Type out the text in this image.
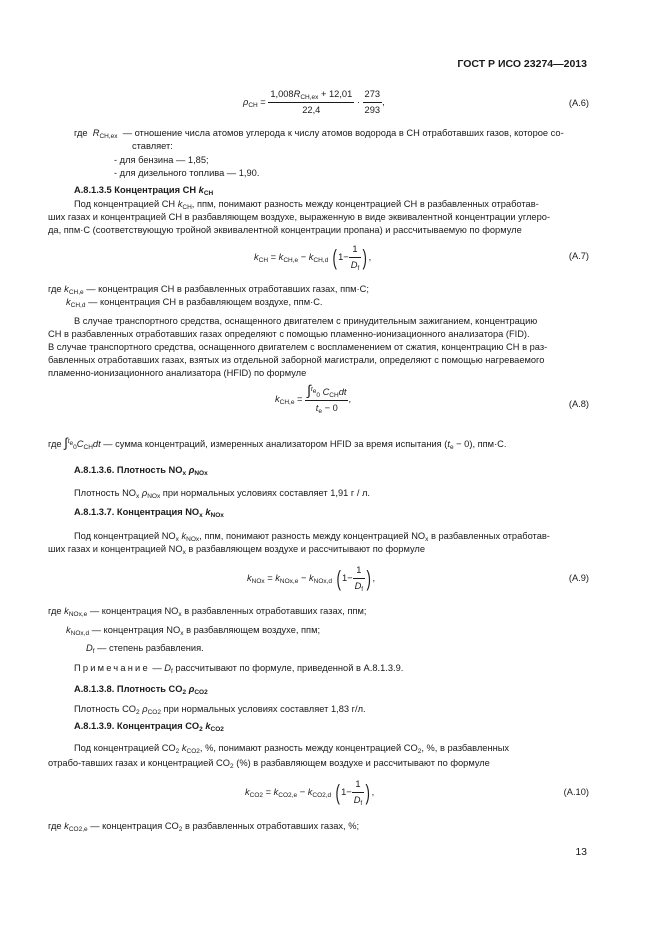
ГОСТ Р ИСО 23274—2013
$\rho_{CH} = \frac{1,008R_{CH,ex} + 12,01}{22,4} \cdot \frac{273}{293}$ ,	(A.6)
где $R_{CH,ex}$ — отношение числа атомов углерода к числу атомов водорода в СН отработавших газов, которое со-
ставляет:
- для бензина — 1,85;
- для дизельного топлива — 1,90.
A.8.1.3.5 Концентрация СН $k_{CH}$
Под концентрацией СН $k_{CH}$, ппм, понимают разность между концентрацией СН в разбавленных отработав-
ших газах и концентрацией СН в разбавляющем воздухе, выраженную в виде эквивалентной концентрации углеро-
да, ппм·С (соответствующую тройной эквивалентной концентрации пропана) и рассчитываемую по формуле
$k_{CH} = k_{CH,e} - k_{CH,d}$ ($1- \frac{1}{D_f}$ ),	(A.7)
где $k_{CH,e}$ — концентрация СН в разбавленных отработавших газах, ппм·С;
$k_{CH,d}$ — концентрация СН в разбавляющем воздухе, ппм·С.
В случае транспортного средства, оснащенного двигателем с принудительным зажиганием, концентрацию
СН в разбавленных отработавших газах определяют с помощью пламенно-ионизационного анализатора (FID).
В случае транспортного средства, оснащенного двигателем с воспламенением от сжатия, концентрацию СН в раз-
бавленных отработавших газах, взятых из отдельной заборной магистрали, определяют с помощью нагреваемого
пламенно-ионизационного анализатора (HFID) по формуле
$k_{CH,e} = \frac{\int^{t_e}_0 C_{CH}dt}{t_e - 0}$ ,	(A.8)
где $\int^{t_e}_0C_{CH}dt$ — сумма концентраций, измеренных анализатором HFID за время испытания $(t_e - 0)$, ппм·С.
A.8.1.3.6. Плотность $NO_x$ $\rho_{NOx}$
Плотность $NO_x$ $\rho_{NOx}$ при нормальных условиях составляет 1,91 г / л.
A.8.1.3.7. Концентрация $NO_x$ $k_{NOx}$
Под концентрацией $NO_x$ $k_{NOx}$, ппм, понимают разность между концентрацией $NO_x$ в разбавленных отработав-
ших газах и концентрацией $NO_x$ в разбавляющем воздухе и рассчитывают по формуле
$k_{NOx} = k_{NOx,e} - k_{NOx,d}$ ($1- \frac{1}{D_f}$ ),	(A.9)
где $k_{NOx,e}$ — концентрация $NO_x$ в разбавленных отработавших газах, ппм;
$k_{NOx,d}$ — концентрация $NO_x$ в разбавляющем воздухе, ппм;
$D_f$ — степень разбавления.
Примечание — $D_f$ рассчитывают по формуле, приведенной в А.8.1.3.9.
A.8.1.3.8. Плотность $CO_2$ $\rho_{CO2}$
Плотность $CO_2$ $\rho_{CO2}$ при нормальных условиях составляет 1,83 г/л.
A.8.1.3.9. Концентрация $CO_2$ $k_{CO2}$
Под концентрацией $CO_2$ $k_{CO2}$, %, понимают разность между концентрацией $CO_2$, %, в разбавленных
отрабо-тавших газах и концентрацией $CO_2$ (%) в разбавляющем воздухе и рассчитывают по формуле
$k_{CO2} = k_{CO2,e} - k_{CO2,d}$ ($1- \frac{1}{D_f}$ ),	(A.10)
где $k_{CO2,e}$ — концентрация $CO_2$ в разбавленных отработавших газах, %;
13
